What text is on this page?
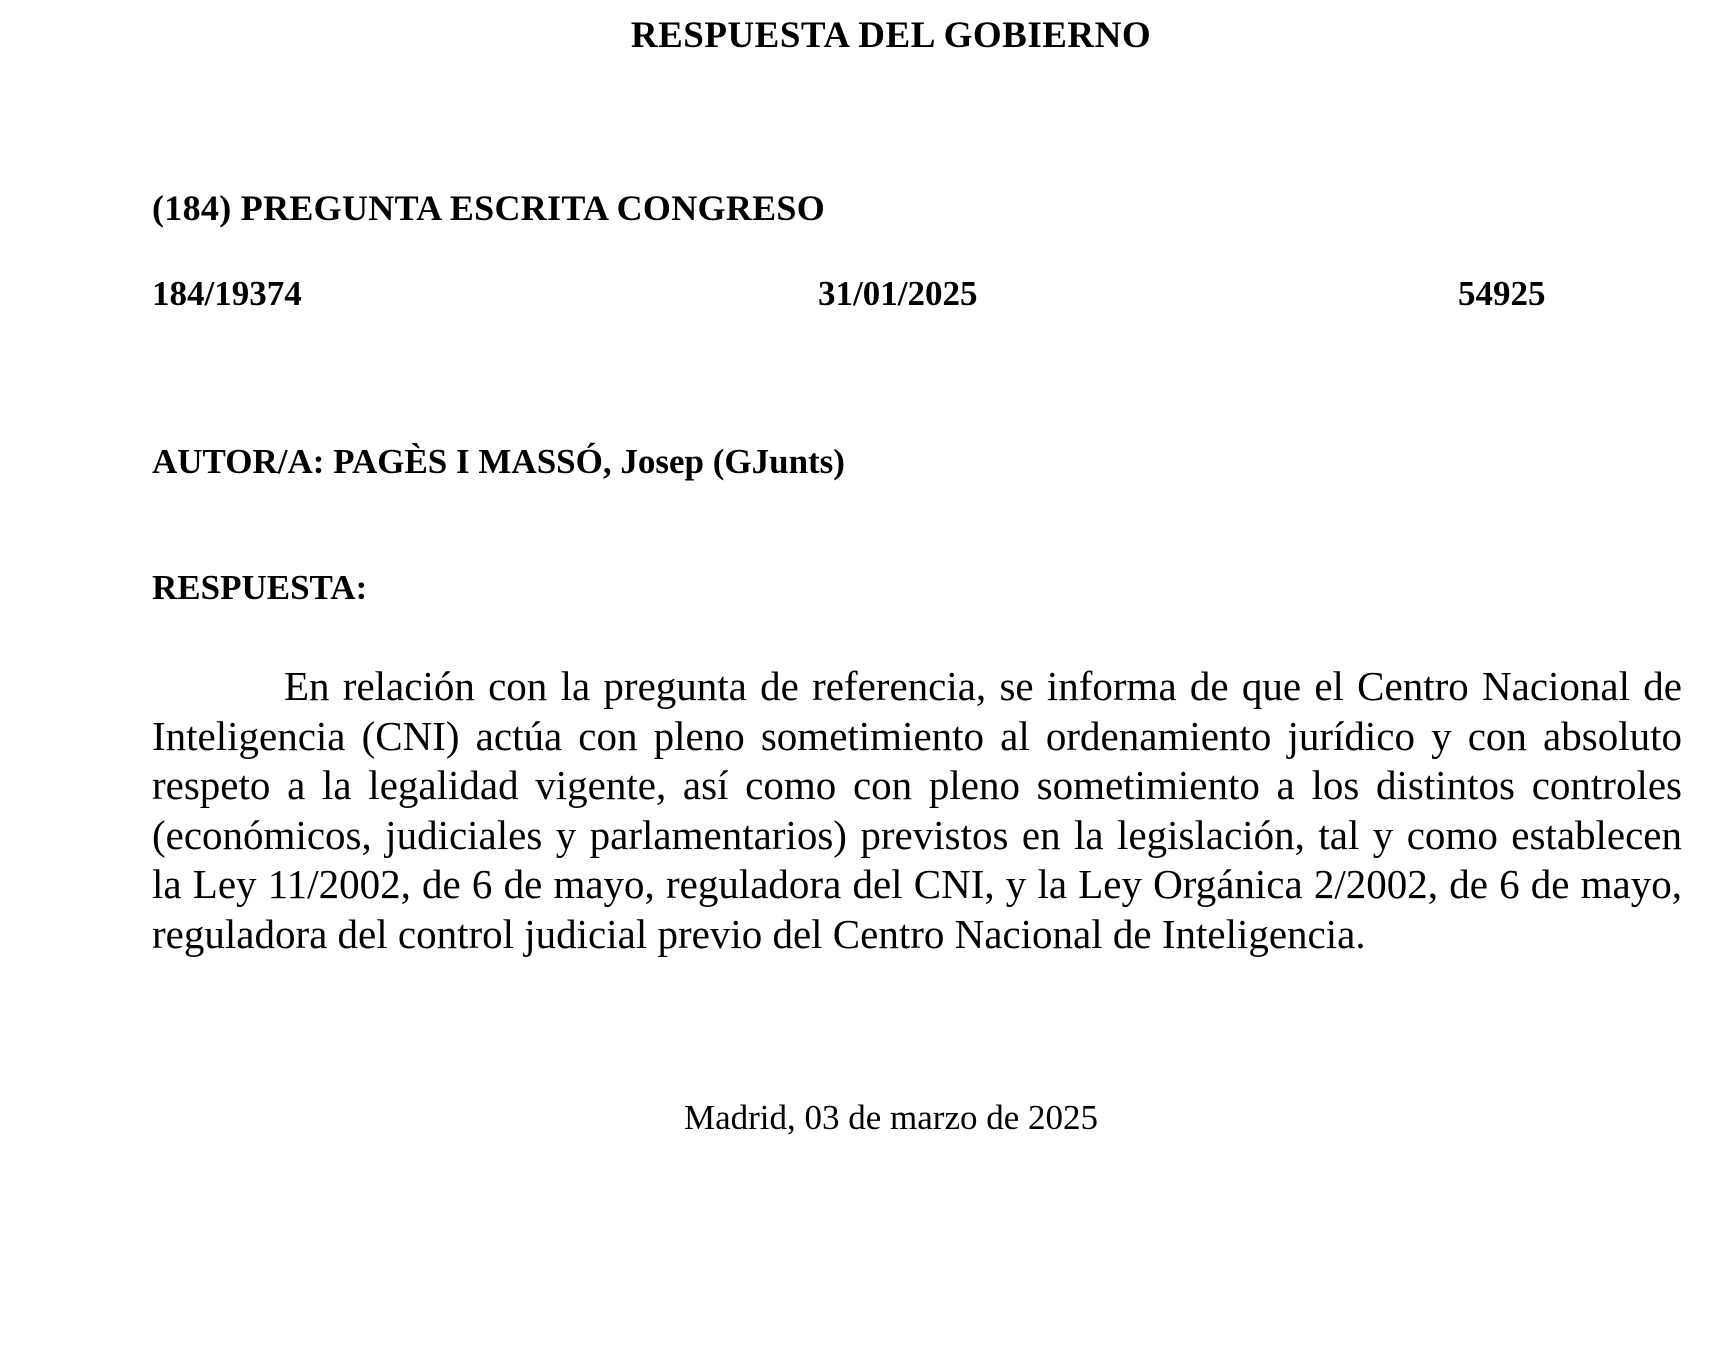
RESPUESTA DEL GOBIERNO
(184) PREGUNTA ESCRITA CONGRESO
184/19374	31/01/2025	54925
AUTOR/A: PAGÈS I MASSÓ, Josep (GJunts)
RESPUESTA:

En relación con la pregunta de referencia, se informa de que el Centro Nacional de Inteligencia (CNI) actúa con pleno sometimiento al ordenamiento jurídico y con absoluto respeto a la legalidad vigente, así como con pleno sometimiento a los distintos controles (económicos, judiciales y parlamentarios) previstos en la legislación, tal y como establecen la Ley 11/2002, de 6 de mayo, reguladora del CNI, y la Ley Orgánica 2/2002, de 6 de mayo, reguladora del control judicial previo del Centro Nacional de Inteligencia.

Madrid, 03 de marzo de 2025
